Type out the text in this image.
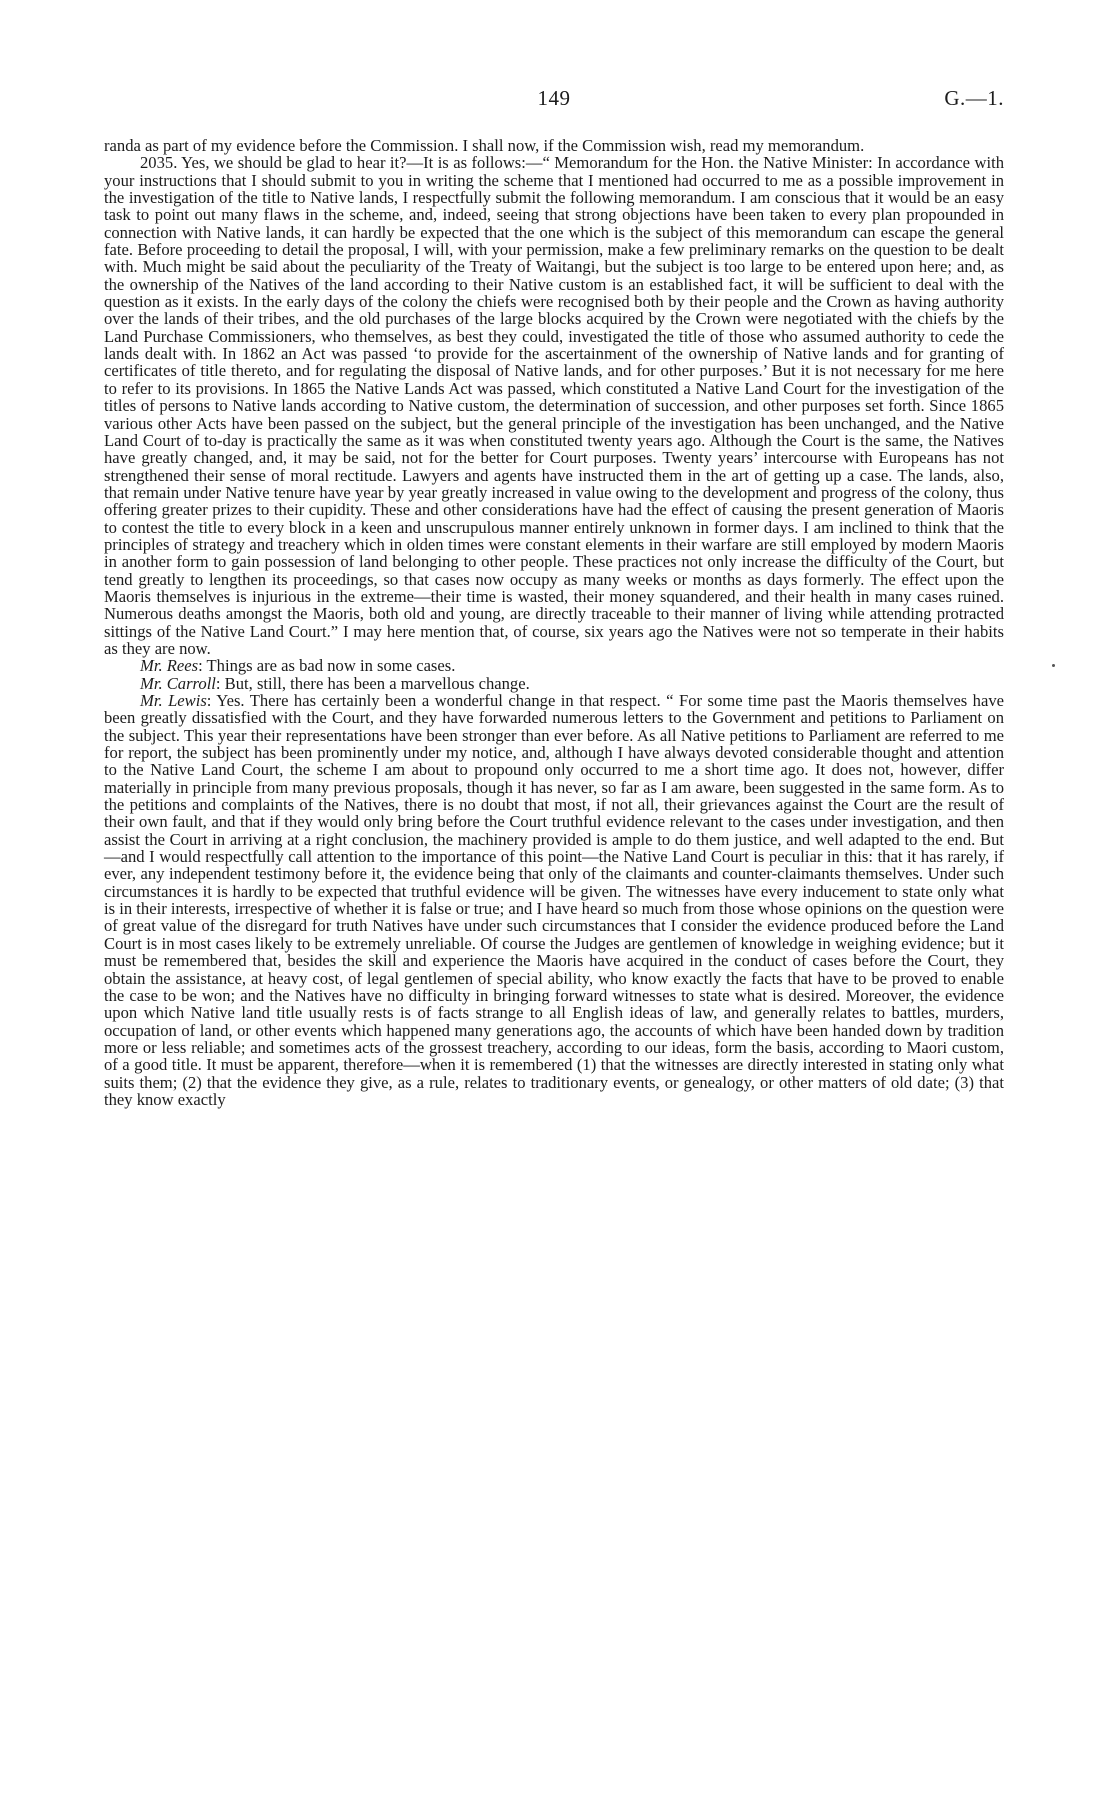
149	G.—1.

randa as part of my evidence before the Commission. I shall now, if the Commission wish, read my memorandum.

2035. Yes, we should be glad to hear it?—It is as follows:—“ Memorandum for the Hon. the Native Minister: In accordance with your instructions that I should submit to you in writing the scheme that I mentioned had occurred to me as a possible improvement in the investigation of the title to Native lands, I respectfully submit the following memorandum. I am conscious that it would be an easy task to point out many flaws in the scheme, and, indeed, seeing that strong objections have been taken to every plan propounded in connection with Native lands, it can hardly be expected that the one which is the subject of this memorandum can escape the general fate. Before proceeding to detail the proposal, I will, with your permission, make a few preliminary remarks on the question to be dealt with. Much might be said about the peculiarity of the Treaty of Waitangi, but the subject is too large to be entered upon here; and, as the ownership of the Natives of the land according to their Native custom is an established fact, it will be sufficient to deal with the question as it exists. In the early days of the colony the chiefs were recognised both by their people and the Crown as having authority over the lands of their tribes, and the old purchases of the large blocks acquired by the Crown were negotiated with the chiefs by the Land Purchase Commissioners, who themselves, as best they could, investigated the title of those who assumed authority to cede the lands dealt with. In 1862 an Act was passed ‘to provide for the ascertainment of the ownership of Native lands and for granting of certificates of title thereto, and for regulating the disposal of Native lands, and for other purposes.’ But it is not necessary for me here to refer to its provisions. In 1865 the Native Lands Act was passed, which constituted a Native Land Court for the investigation of the titles of persons to Native lands according to Native custom, the determination of succession, and other purposes set forth. Since 1865 various other Acts have been passed on the subject, but the general principle of the investigation has been unchanged, and the Native Land Court of to-day is practically the same as it was when constituted twenty years ago. Although the Court is the same, the Natives have greatly changed, and, it may be said, not for the better for Court purposes. Twenty years’ intercourse with Europeans has not strengthened their sense of moral rectitude. Lawyers and agents have instructed them in the art of getting up a case. The lands, also, that remain under Native tenure have year by year greatly increased in value owing to the development and progress of the colony, thus offering greater prizes to their cupidity. These and other considerations have had the effect of causing the present generation of Maoris to contest the title to every block in a keen and unscrupulous manner entirely unknown in former days. I am inclined to think that the principles of strategy and treachery which in olden times were constant elements in their warfare are still employed by modern Maoris in another form to gain possession of land belonging to other people. These practices not only increase the difficulty of the Court, but tend greatly to lengthen its proceedings, so that cases now occupy as many weeks or months as days formerly. The effect upon the Maoris themselves is injurious in the extreme—their time is wasted, their money squandered, and their health in many cases ruined. Numerous deaths amongst the Maoris, both old and young, are directly traceable to their manner of living while attending protracted sittings of the Native Land Court.” I may here mention that, of course, six years ago the Natives were not so temperate in their habits as they are now.

Mr. Rees: Things are as bad now in some cases.

Mr. Carroll: But, still, there has been a marvellous change.

Mr. Lewis: Yes. There has certainly been a wonderful change in that respect. “ For some time past the Maoris themselves have been greatly dissatisfied with the Court, and they have forwarded numerous letters to the Government and petitions to Parliament on the subject. This year their representations have been stronger than ever before. As all Native petitions to Parliament are referred to me for report, the subject has been prominently under my notice, and, although I have always devoted considerable thought and attention to the Native Land Court, the scheme I am about to propound only occurred to me a short time ago. It does not, however, differ materially in principle from many previous proposals, though it has never, so far as I am aware, been suggested in the same form. As to the petitions and complaints of the Natives, there is no doubt that most, if not all, their grievances against the Court are the result of their own fault, and that if they would only bring before the Court truthful evidence relevant to the cases under investigation, and then assist the Court in arriving at a right conclusion, the machinery provided is ample to do them justice, and well adapted to the end. But—and I would respectfully call attention to the importance of this point—the Native Land Court is peculiar in this: that it has rarely, if ever, any independent testimony before it, the evidence being that only of the claimants and counter-claimants themselves. Under such circumstances it is hardly to be expected that truthful evidence will be given. The witnesses have every inducement to state only what is in their interests, irrespective of whether it is false or true; and I have heard so much from those whose opinions on the question were of great value of the disregard for truth Natives have under such circumstances that I consider the evidence produced before the Land Court is in most cases likely to be extremely unreliable. Of course the Judges are gentlemen of knowledge in weighing evidence; but it must be remembered that, besides the skill and experience the Maoris have acquired in the conduct of cases before the Court, they obtain the assistance, at heavy cost, of legal gentlemen of special ability, who know exactly the facts that have to be proved to enable the case to be won; and the Natives have no difficulty in bringing forward witnesses to state what is desired. Moreover, the evidence upon which Native land title usually rests is of facts strange to all English ideas of law, and generally relates to battles, murders, occupation of land, or other events which happened many generations ago, the accounts of which have been handed down by tradition more or less reliable; and sometimes acts of the grossest treachery, according to our ideas, form the basis, according to Maori custom, of a good title. It must be apparent, therefore—when it is remembered (1) that the witnesses are directly interested in stating only what suits them; (2) that the evidence they give, as a rule, relates to traditionary events, or genealogy, or other matters of old date; (3) that they know exactly
